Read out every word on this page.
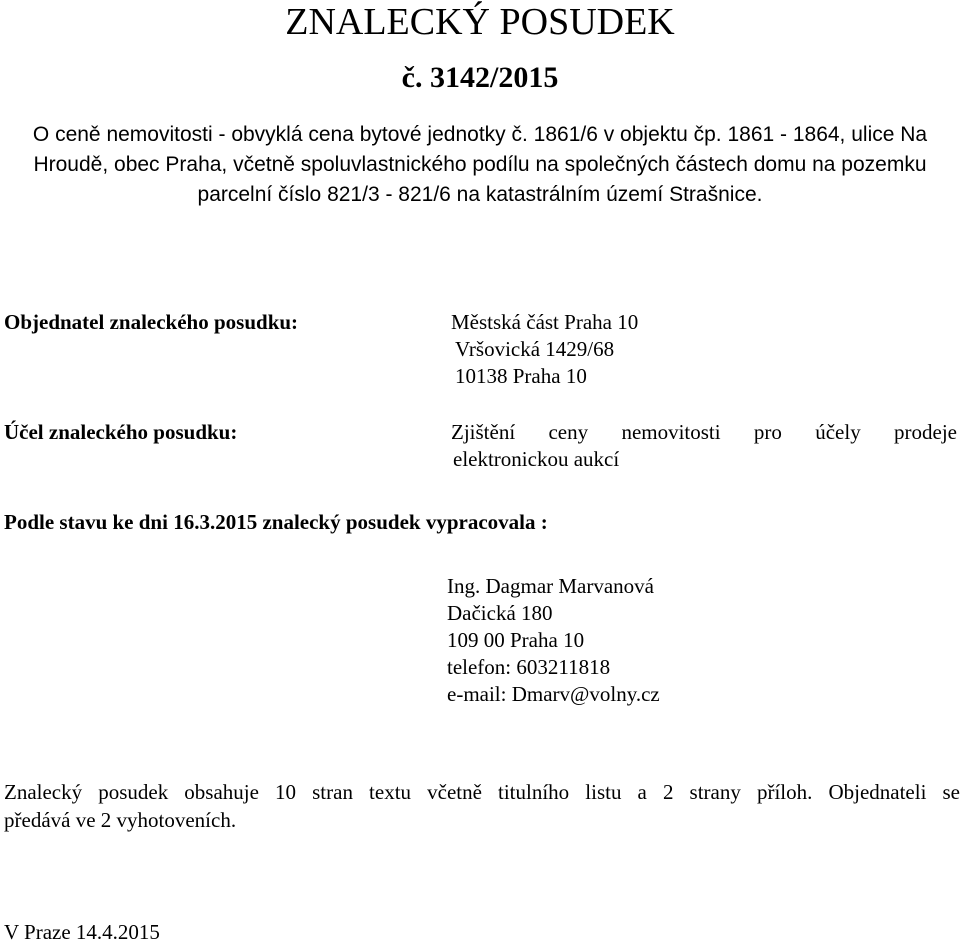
ZNALECKÝ POSUDEK
č. 3142/2015
O ceně nemovitosti - obvyklá cena bytové jednotky č. 1861/6 v objektu čp. 1861 - 1864, ulice Na
Hroudě, obec Praha, včetně spoluvlastnického podílu na společných částech domu na pozemku
parcelní číslo 821/3 - 821/6 na katastrálním území Strašnice.
Objednatel znaleckého posudku:	Městská část Praha 10
Vršovická 1429/68
10138 Praha 10
Účel znaleckého posudku:	Zjištění ceny nemovitosti pro účely prodeje
elektronickou aukcí
Podle stavu ke dni 16.3.2015 znalecký posudek vypracovala :
Ing. Dagmar Marvanová
Dačická 180
109 00 Praha 10
telefon: 603211818
e-mail: Dmarv@volny.cz
Znalecký posudek obsahuje 10 stran textu včetně titulního listu a 2 strany příloh. Objednateli se
předává ve 2 vyhotoveních.
V Praze 14.4.2015
